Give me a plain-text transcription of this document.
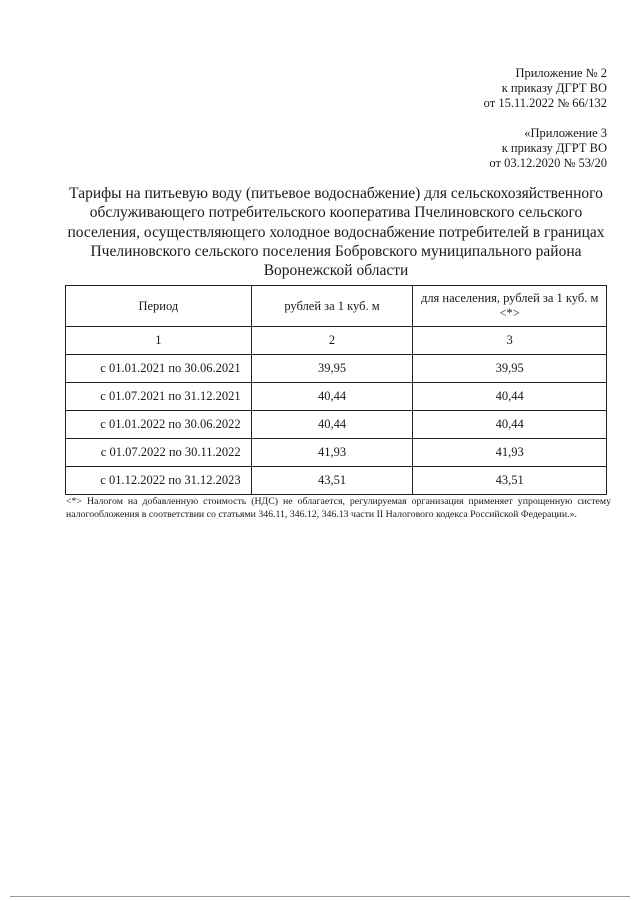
Приложение № 2
к приказу ДГРТ ВО
от 15.11.2022 № 66/132
«Приложение 3
к приказу ДГРТ ВО
от 03.12.2020 № 53/20
Тарифы на питьевую воду (питьевое водоснабжение) для сельскохозяйственного
обслуживающего потребительского кооператива Пчелиновского сельского
поселения, осуществляющего холодное водоснабжение потребителей в границах
Пчелиновского сельского поселения Бобровского муниципального района
Воронежской области
Период	рублей за 1 куб. м	для населения, рублей за 1 куб. м <*>
1	2	3
с 01.01.2021 по 30.06.2021	39,95	39,95
с 01.07.2021 по 31.12.2021	40,44	40,44
с 01.01.2022 по 30.06.2022	40,44	40,44
с 01.07.2022 по 30.11.2022	41,93	41,93
с 01.12.2022 по 31.12.2023	43,51	43,51
<*> Налогом на добавленную стоимость (НДС) не облагается, регулируемая организация применяет упрощенную систему налогообложения в соответствии со статьями 346.11, 346.12, 346.13 части II Налогового кодекса Российской Федерации.».
